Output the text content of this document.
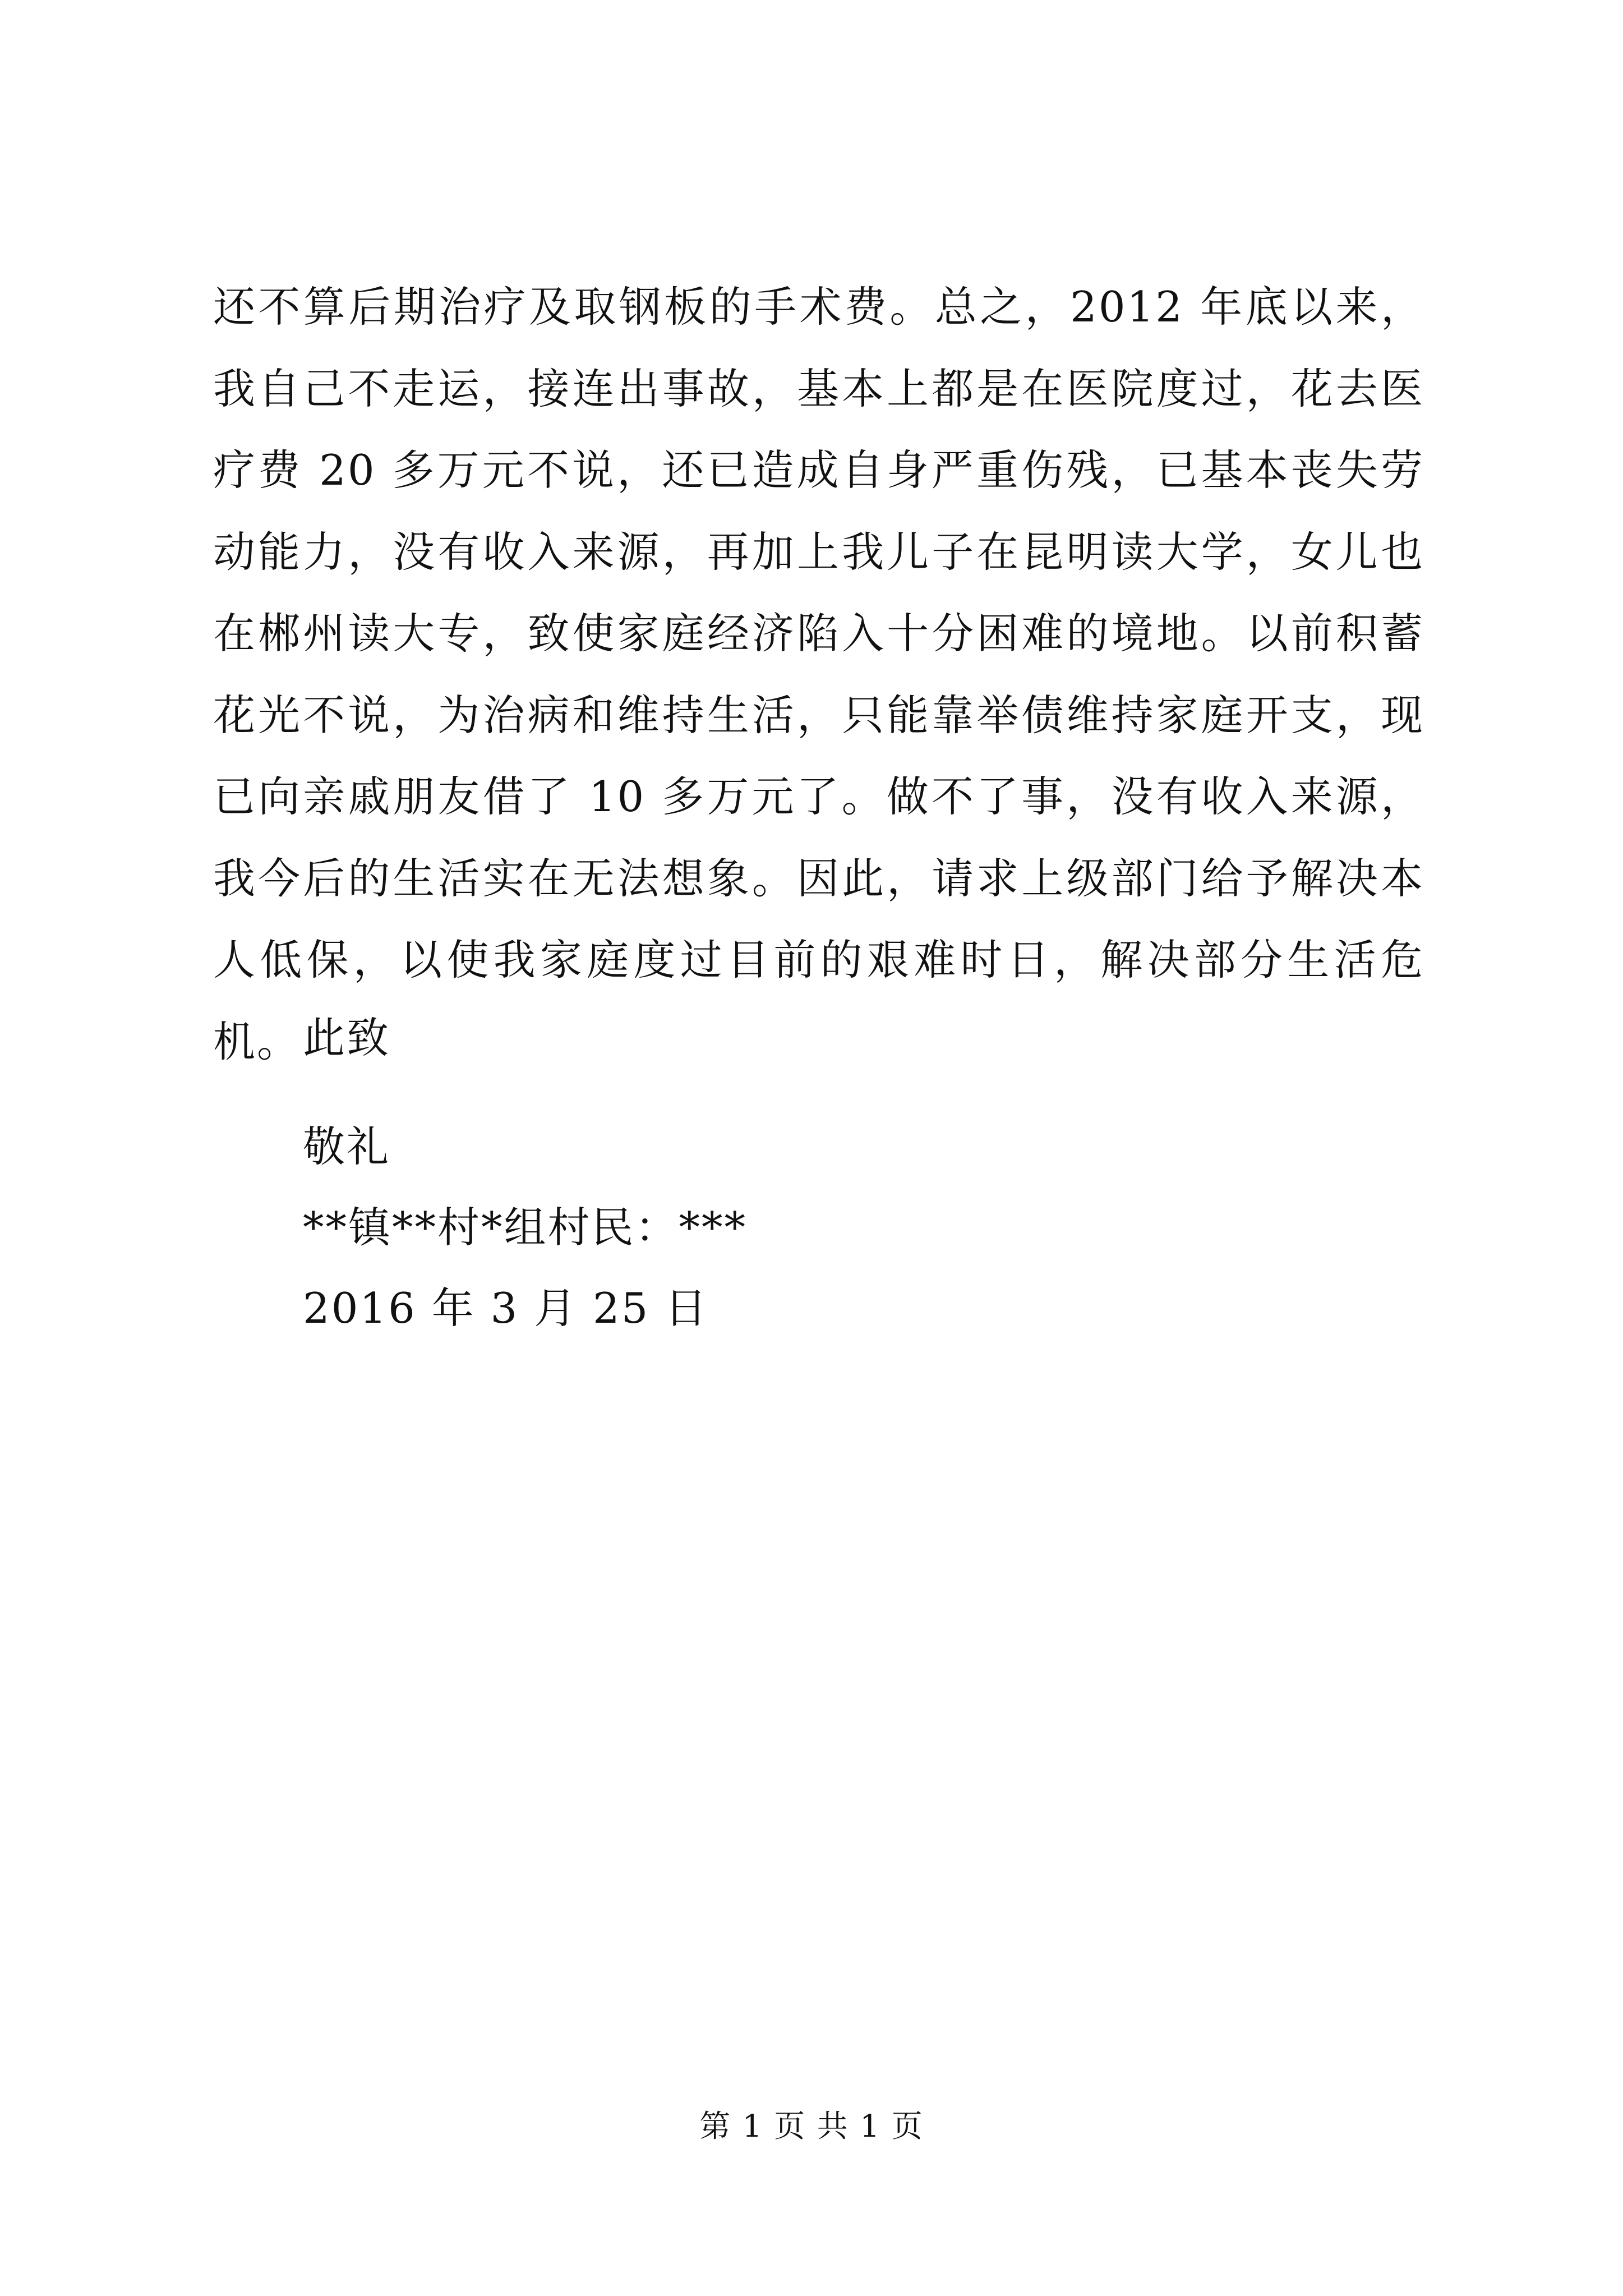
还不算后期治疗及取钢板的手术费。总之，2012 年底以来，我自己不走运，接连出事故，基本上都是在医院度过，花去医疗费 20 多万元不说，还已造成自身严重伤残，已基本丧失劳动能力，没有收入来源，再加上我儿子在昆明读大学，女儿也在郴州读大专，致使家庭经济陷入十分困难的境地。以前积蓄花光不说，为治病和维持生活，只能靠举债维持家庭开支，现已向亲戚朋友借了 10 多万元了。做不了事，没有收入来源，我今后的生活实在无法想象。因此，请求上级部门给予解决本人低保，以使我家庭度过目前的艰难时日，解决部分生活危机。 此致

敬礼

**镇**村*组村民：***

2016 年 3 月 25 日

第 1 页 共 1 页
